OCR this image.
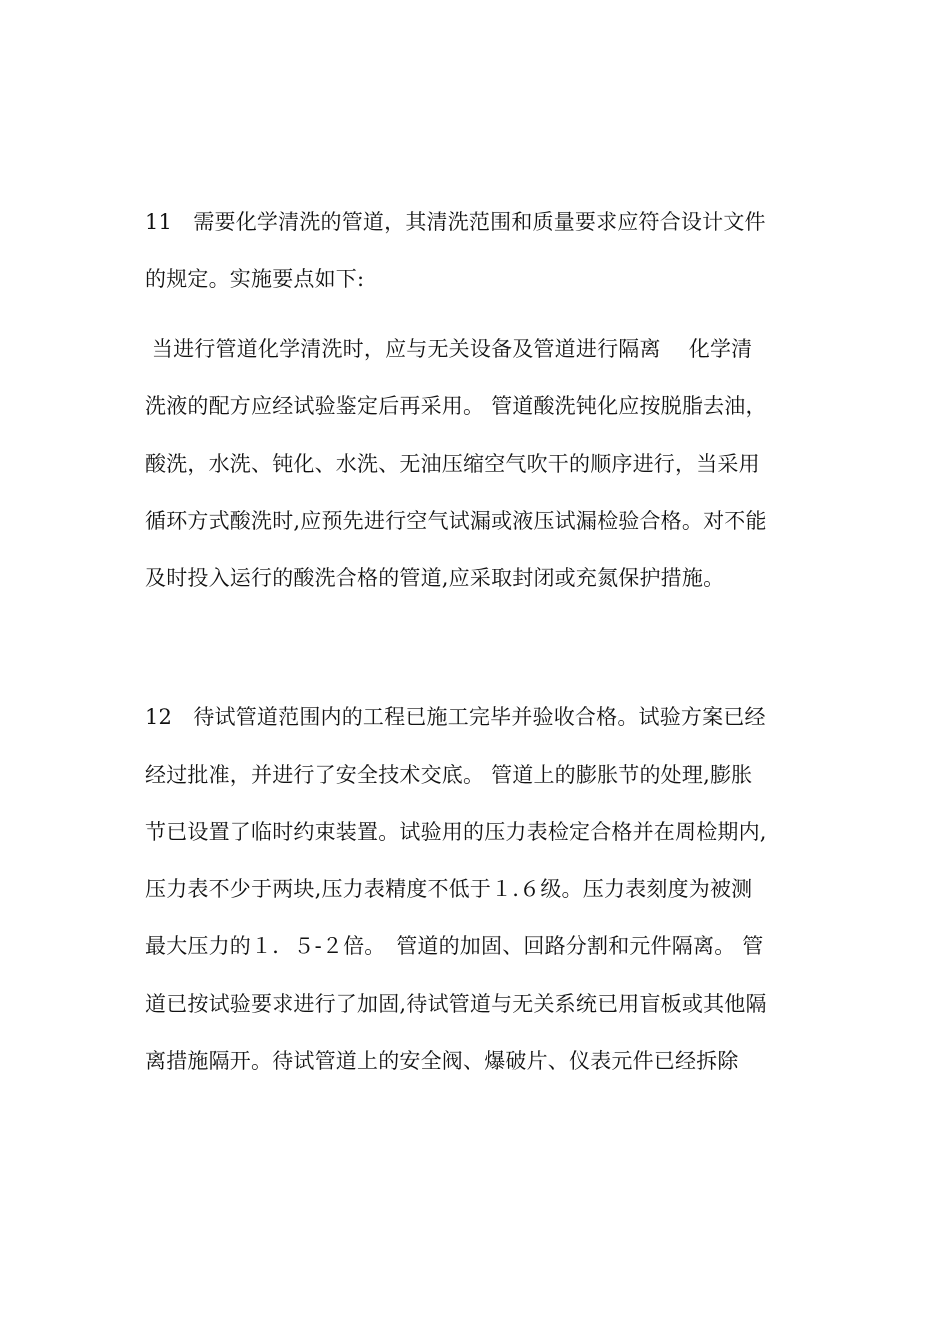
11　需要化学清洗的管道，其清洗范围和质量要求应符合设计文件
的规定。实施要点如下:
当进行管道化学清洗时，应与无关设备及管道进行隔离　 化学清
洗液的配方应经试验鉴定后再采用。 管道酸洗钝化应按脱脂去油，
酸洗，水洗、钝化、水洗、无油压缩空气吹干的顺序进行，当采用
循环方式酸洗时,应预先进行空气试漏或液压试漏检验合格。对不能
及时投入运行的酸洗合格的管道,应采取封闭或充氮保护措施。
12　待试管道范围内的工程已施工完毕并验收合格。试验方案已经
经过批准，并进行了安全技术交底。 管道上的膨胀节的处理,膨胀
节已设置了临时约束装置。试验用的压力表检定合格并在周检期内,
压力表不少于两块,压力表精度不低于１.６级。压力表刻度为被测
最大压力的１．５-２倍。　管道的加固、回路分割和元件隔离。 管
道已按试验要求进行了加固,待试管道与无关系统已用盲板或其他隔
离措施隔开。待试管道上的安全阀、爆破片、仪表元件已经拆除
